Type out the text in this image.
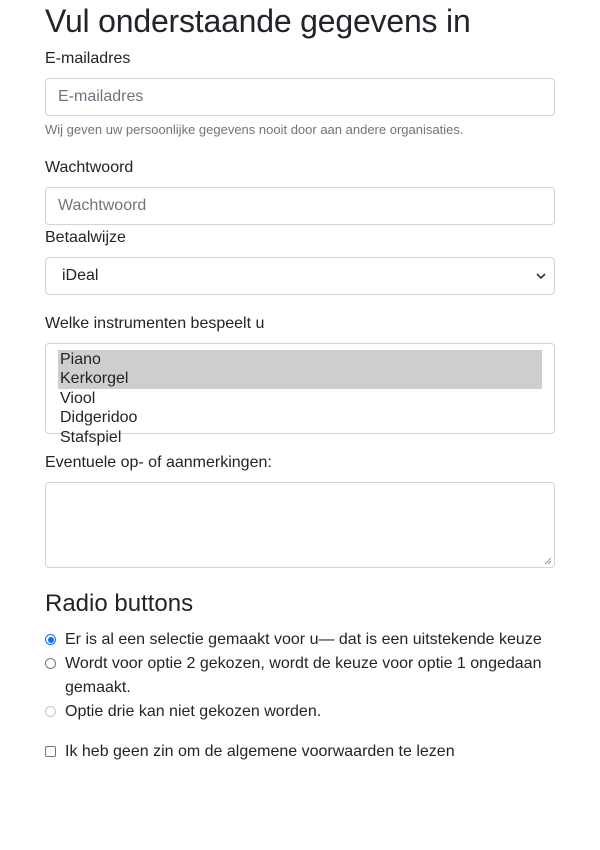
Vul onderstaande gegevens in
E-mailadres
E-mailadres
Wij geven uw persoonlijke gegevens nooit door aan andere organisaties.
Wachtwoord
Betaalwijze
iDeal
Welke instrumenten bespeelt u
Piano
Kerkorgel
Viool
Didgeridoo
Stafspiel
Eventuele op- of aanmerkingen:
Radio buttons
Er is al een selectie gemaakt voor u— dat is een uitstekende keuze
Wordt voor optie 2 gekozen, wordt de keuze voor optie 1 ongedaan gemaakt.
Optie drie kan niet gekozen worden.
Ik heb geen zin om de algemene voorwaarden te lezen
